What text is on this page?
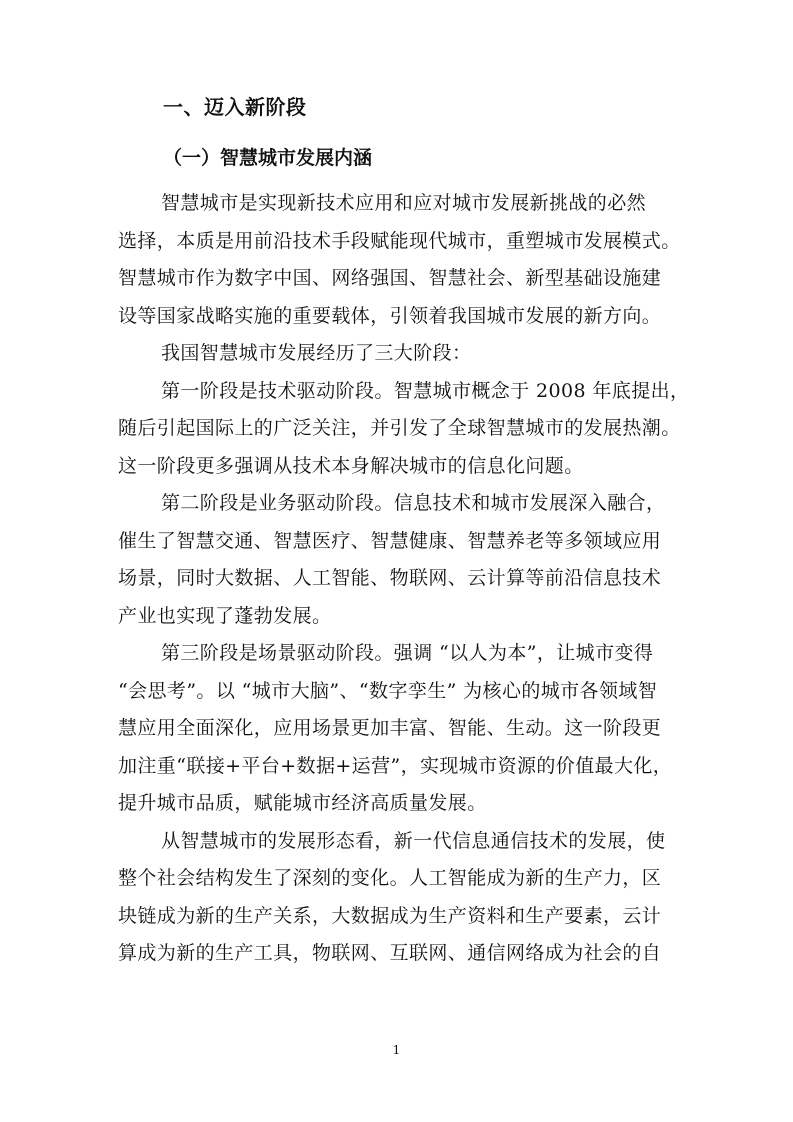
一、迈入新阶段
（一）智慧城市发展内涵
智慧城市是实现新技术应用和应对城市发展新挑战的必然
选择，本质是用前沿技术手段赋能现代城市，重塑城市发展模式。
智慧城市作为数字中国、网络强国、智慧社会、新型基础设施建
设等国家战略实施的重要载体，引领着我国城市发展的新方向。
我国智慧城市发展经历了三大阶段：
第一阶段是技术驱动阶段。智慧城市概念于 2008 年底提出，
随后引起国际上的广泛关注，并引发了全球智慧城市的发展热潮。
这一阶段更多强调从技术本身解决城市的信息化问题。
第二阶段是业务驱动阶段。信息技术和城市发展深入融合，
催生了智慧交通、智慧医疗、智慧健康、智慧养老等多领域应用
场景，同时大数据、人工智能、物联网、云计算等前沿信息技术
产业也实现了蓬勃发展。
第三阶段是场景驱动阶段。强调 “以人为本”，让城市变得
“会思考”。以 “城市大脑”、“数字孪生” 为核心的城市各领域智
慧应用全面深化，应用场景更加丰富、智能、生动。这一阶段更
加注重“联接+平台+数据+运营”，实现城市资源的价值最大化，
提升城市品质，赋能城市经济高质量发展。
从智慧城市的发展形态看，新一代信息通信技术的发展，使
整个社会结构发生了深刻的变化。人工智能成为新的生产力，区
块链成为新的生产关系，大数据成为生产资料和生产要素，云计
算成为新的生产工具，物联网、互联网、通信网络成为社会的自
1
